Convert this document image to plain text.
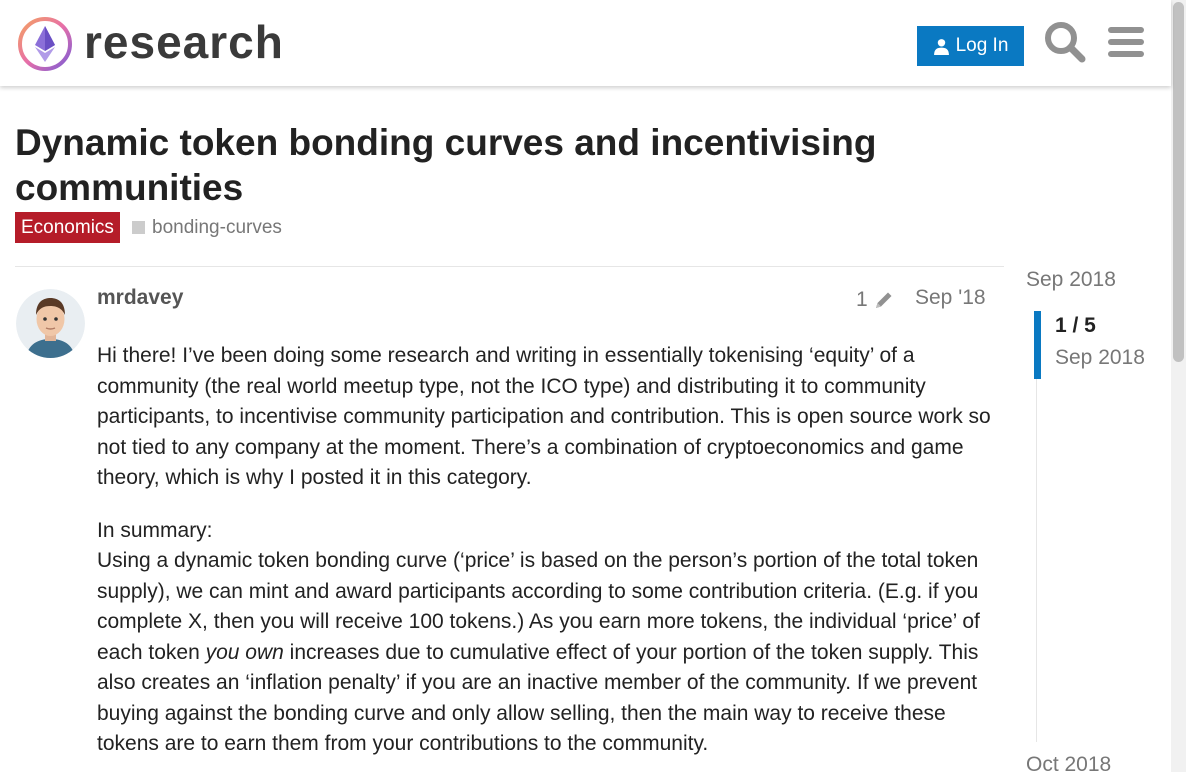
research	Log In
Dynamic token bonding curves and incentivising communities
Economics	bonding-curves
mrdavey	1 Sep '18

Hi there! I’ve been doing some research and writing in essentially tokenising ‘equity’ of a community (the real world meetup type, not the ICO type) and distributing it to community participants, to incentivise community participation and contribution. This is open source work so not tied to any company at the moment. There’s a combination of cryptoeconomics and game theory, which is why I posted it in this category.

In summary:
Using a dynamic token bonding curve (‘price’ is based on the person’s portion of the total token supply), we can mint and award participants according to some contribution criteria. (E.g. if you complete X, then you will receive 100 tokens.) As you earn more tokens, the individual ‘price’ of each token you own increases due to cumulative effect of your portion of the token supply. This also creates an ‘inflation penalty’ if you are an inactive member of the community. If we prevent buying against the bonding curve and only allow selling, then the main way to receive these tokens are to earn them from your contributions to the community.

Sep 2018
1 / 5
Sep 2018
Oct 2018
